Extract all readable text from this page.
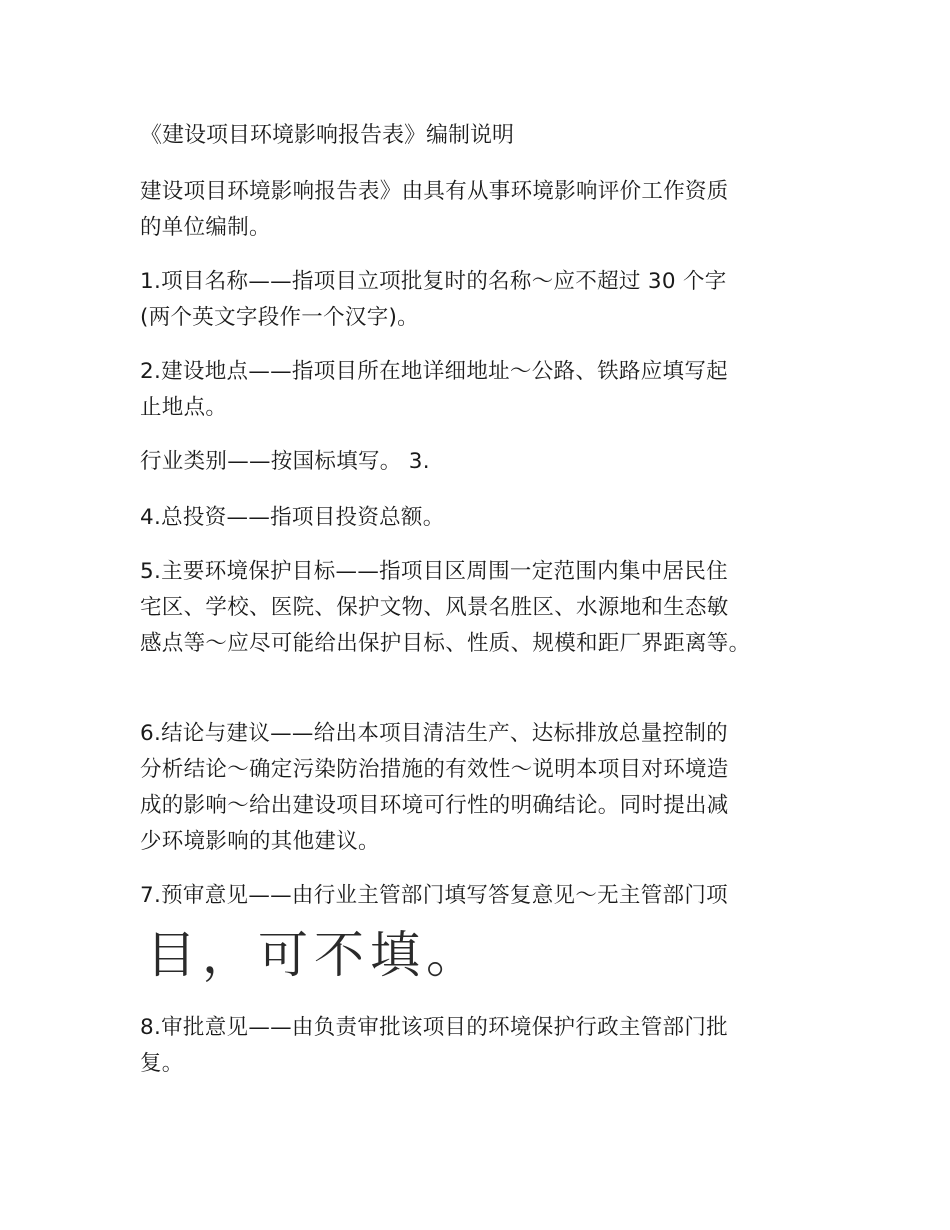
《建设项目环境影响报告表》编制说明
建设项目环境影响报告表》由具有从事环境影响评价工作资质
的单位编制。
1.项目名称——指项目立项批复时的名称～应不超过 30 个字
(两个英文字段作一个汉字)。
2.建设地点——指项目所在地详细地址～公路、铁路应填写起
止地点。
行业类别——按国标填写。 3.
4.总投资——指项目投资总额。
5.主要环境保护目标——指项目区周围一定范围内集中居民住
宅区、学校、医院、保护文物、风景名胜区、水源地和生态敏
感点等～应尽可能给出保护目标、性质、规模和距厂界距离等。
6.结论与建议——给出本项目清洁生产、达标排放总量控制的
分析结论～确定污染防治措施的有效性～说明本项目对环境造
成的影响～给出建设项目环境可行性的明确结论。同时提出减
少环境影响的其他建议。
7.预审意见——由行业主管部门填写答复意见～无主管部门项
目，可不填。
8.审批意见——由负责审批该项目的环境保护行政主管部门批
复。
